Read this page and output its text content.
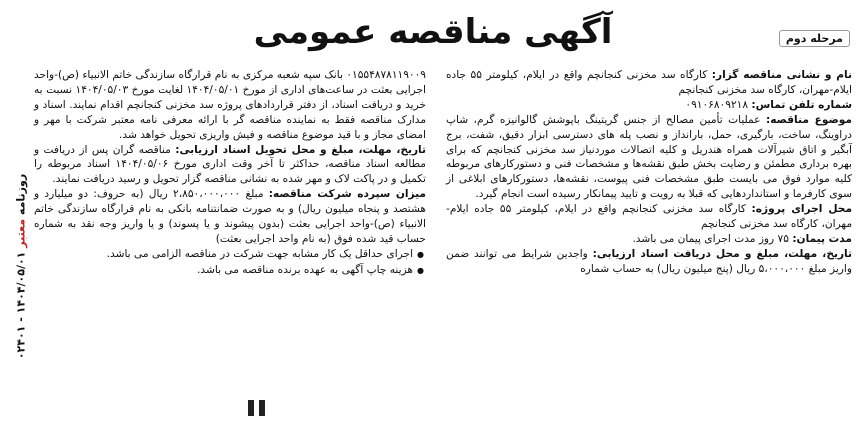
مرحله دوم
آگهی مناقصه عمومی

نام و نشانی مناقصه گزار: کارگاه سد مخزنی کنجانچم واقع در ایلام، کیلومتر ۵۵ جاده ایلام-مهران، کارگاه سد مخزنی کنجانچم

شماره تلفن تماس: ۰۹۱۰۶۸۰۹۲۱۸

موضوع مناقصه: عملیات تأمین مصالح از جنس گریتینگ باپوشش گالوانیزه گرم، شاپ دراوینگ، ساخت، بارگیری، حمل، بارانداز و نصب پله های دسترسی ابزار دقیق، شفت، برج آبگیر و اتاق شیرآلات همراه هندریل و کلیه اتصالات موردنیاز سد مخزنی کنجانچم که برای بهره برداری مطمئن و رضایت بخش طبق نقشه‌ها و مشخصات فنی و دستورکارهای مربوطه کلیه موارد فوق می بایست طبق مشخصات فنی پیوست، نقشه‌ها، دستورکارهای ابلاغی از سوی کارفرما و استانداردهایی که قبلا به رویت و تایید پیمانکار رسیده است انجام گیرد.

محل اجرای پروژه: کارگاه سد مخزنی کنجانچم واقع در ایلام، کیلومتر ۵۵ جاده ایلام-مهران، کارگاه سد مخزنی کنجانچم

مدت پیمان: ۷۵ روز مدت اجرای پیمان می باشد.

تاریخ، مهلت، مبلغ و محل دریافت اسناد ارزیابی: واجدین شرایط می توانند ضمن واریز مبلغ ۵،۰۰۰،۰۰۰ ریال (پنج میلیون ریال) به حساب شماره

۰۱۵۵۴۸۷۸۱۱۹۰۰۹ بانک سپه شعبه مرکزی به نام قرارگاه سازندگی خاتم الانبیاء (ص)-واحد اجرایی بعثت در ساعت‌های اداری از مورخ ۱۴۰۴/۰۵/۰۱ لغایت مورخ ۱۴۰۴/۰۵/۰۳ نسبت به خرید و دریافت اسناد، از دفتر قراردادهای پروژه سد مخزنی کنجانچم اقدام نمایند. اسناد و مدارک مناقصه فقط به نماینده مناقصه گر با ارائه معرفی نامه معتبر شرکت با مهر و امضای مجاز و با قید موضوع مناقصه و فیش واریزی تحویل خواهد شد.

تاریخ، مهلت، مبلغ و محل تحویل اسناد ارزیابی: مناقصه گران پس از دریافت و مطالعه اسناد مناقصه، حداکثر تا آخر وقت اداری مورخ ۱۴۰۴/۰۵/۰۶ اسناد مربوطه را تکمیل و در پاکت لاک و مهر شده به نشانی مناقصه گزار تحویل و رسید دریافت نمایند.

میزان سپرده شرکت مناقصه: مبلغ ۲،۸۵۰،۰۰۰،۰۰۰ ریال (به حروف: دو میلیارد و هشتصد و پنجاه میلیون ریال) و به صورت ضمانتنامه بانکی به نام قرارگاه سازندگی خاتم الانبیاء (ص)-واحد اجرایی بعثت (بدون پیشوند و یا پسوند) و یا واریز وجه نقد به شماره حساب قید شده فوق (به نام واحد اجرایی بعثت)

●اجرای حداقل یک کار مشابه جهت شرکت در مناقصه الزامی می باشد.

●هزینه چاپ آگهی به عهده برنده مناقصه می باشد.

روزنامه معتبر ۱۴۰۴/۰۵/۰۱ - ۰۲۴۰۱
